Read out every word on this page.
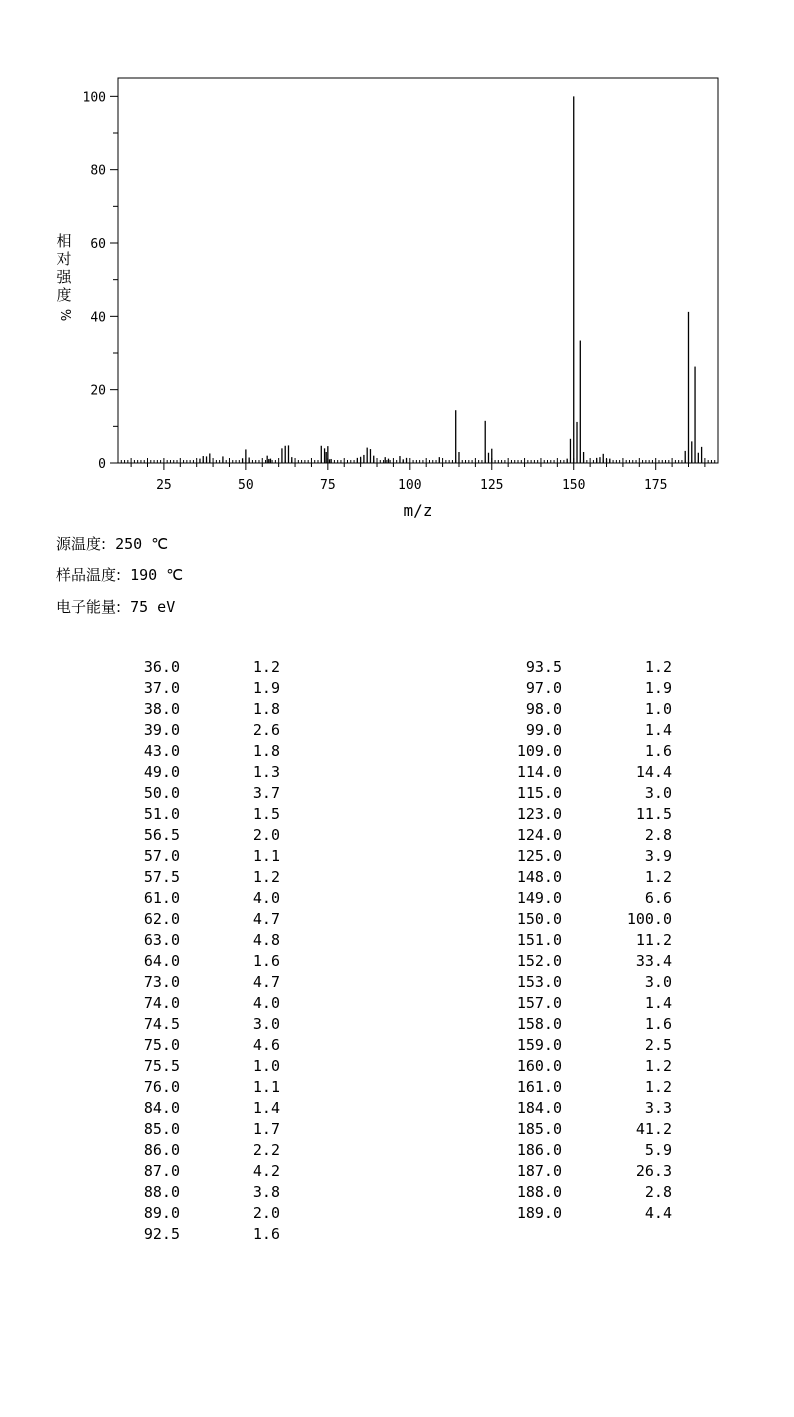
0
20
40
60
80
100
25	50	75	100	125	150	175
m/z
相
对
强
度
%
源温度: 250 ℃
样品温度: 190 ℃
电子能量: 75 eV
36.0	1.2
37.0	1.9
38.0	1.8
39.0	2.6
43.0	1.8
49.0	1.3
50.0	3.7
51.0	1.5
56.5	2.0
57.0	1.1
57.5	1.2
61.0	4.0
62.0	4.7
63.0	4.8
64.0	1.6
73.0	4.7
74.0	4.0
74.5	3.0
75.0	4.6
75.5	1.0
76.0	1.1
84.0	1.4
85.0	1.7
86.0	2.2
87.0	4.2
88.0	3.8
89.0	2.0
92.5	1.6
93.5	1.2
97.0	1.9
98.0	1.0
99.0	1.4
109.0	1.6
114.0	14.4
115.0	3.0
123.0	11.5
124.0	2.8
125.0	3.9
148.0	1.2
149.0	6.6
150.0	100.0
151.0	11.2
152.0	33.4
153.0	3.0
157.0	1.4
158.0	1.6
159.0	2.5
160.0	1.2
161.0	1.2
184.0	3.3
185.0	41.2
186.0	5.9
187.0	26.3
188.0	2.8
189.0	4.4
